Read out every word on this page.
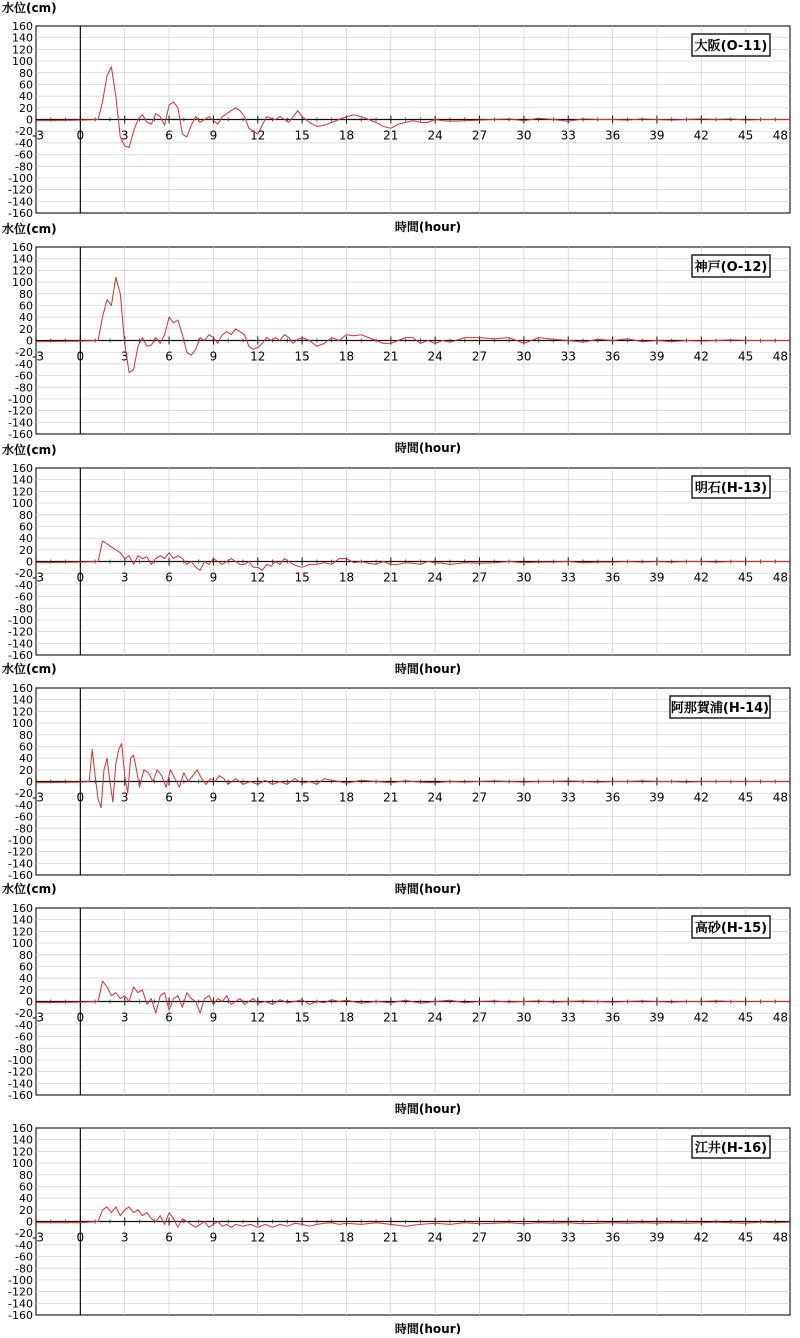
160
140
120
100
80
60
40
20
0
-20
-40
-60
-80
-100
-120
-140
-160
-3	0	3	6	9	12 15 18 21 24 27 30 33 36 39 42 45 48
大阪(O-11)
水位(cm)
時間(hour)
160
140
120
100
80
60
40
20
0
-20
-40
-60
-80
-100
-120
-140
-160
-3	0	3	6	9	12 15 18 21 24 27 30 33 36 39 42 45 48
神戸(O-12)
水位(cm)
時間(hour)
160
140
120
100
80
60
40
20
0
-20
-40
-60
-80
-100
-120
-140
-160
-3	0	3	6	9	12 15 18 21 24 27 30 33 36 39 42 45 48
明石(H-13)
水位(cm)
時間(hour)
160
140
120
100
80
60
40
20
0
-20
-40
-60
-80
-100
-120
-140
-160
-3	0	3	6	9	12 15 18 21 24 27 30 33 36 39 42 45 48
阿那賀浦(H-14)
水位(cm)
時間(hour)
160
140
120
100
80
60
40
20
0
-20
-40
-60
-80
-100
-120
-140
-160
-3	0	3	6	9	12 15 18 21 24 27 30 33 36 39 42 45 48
高砂(H-15)
水位(cm)
時間(hour)
160
140
120
100
80
60
40
20
0
-20
-40
-60
-80
-100
-120
-140
-160
-3	0	3	6	9	12 15 18 21 24 27 30 33 36 39 42 45 48
江井(H-16)
時間(hour)
